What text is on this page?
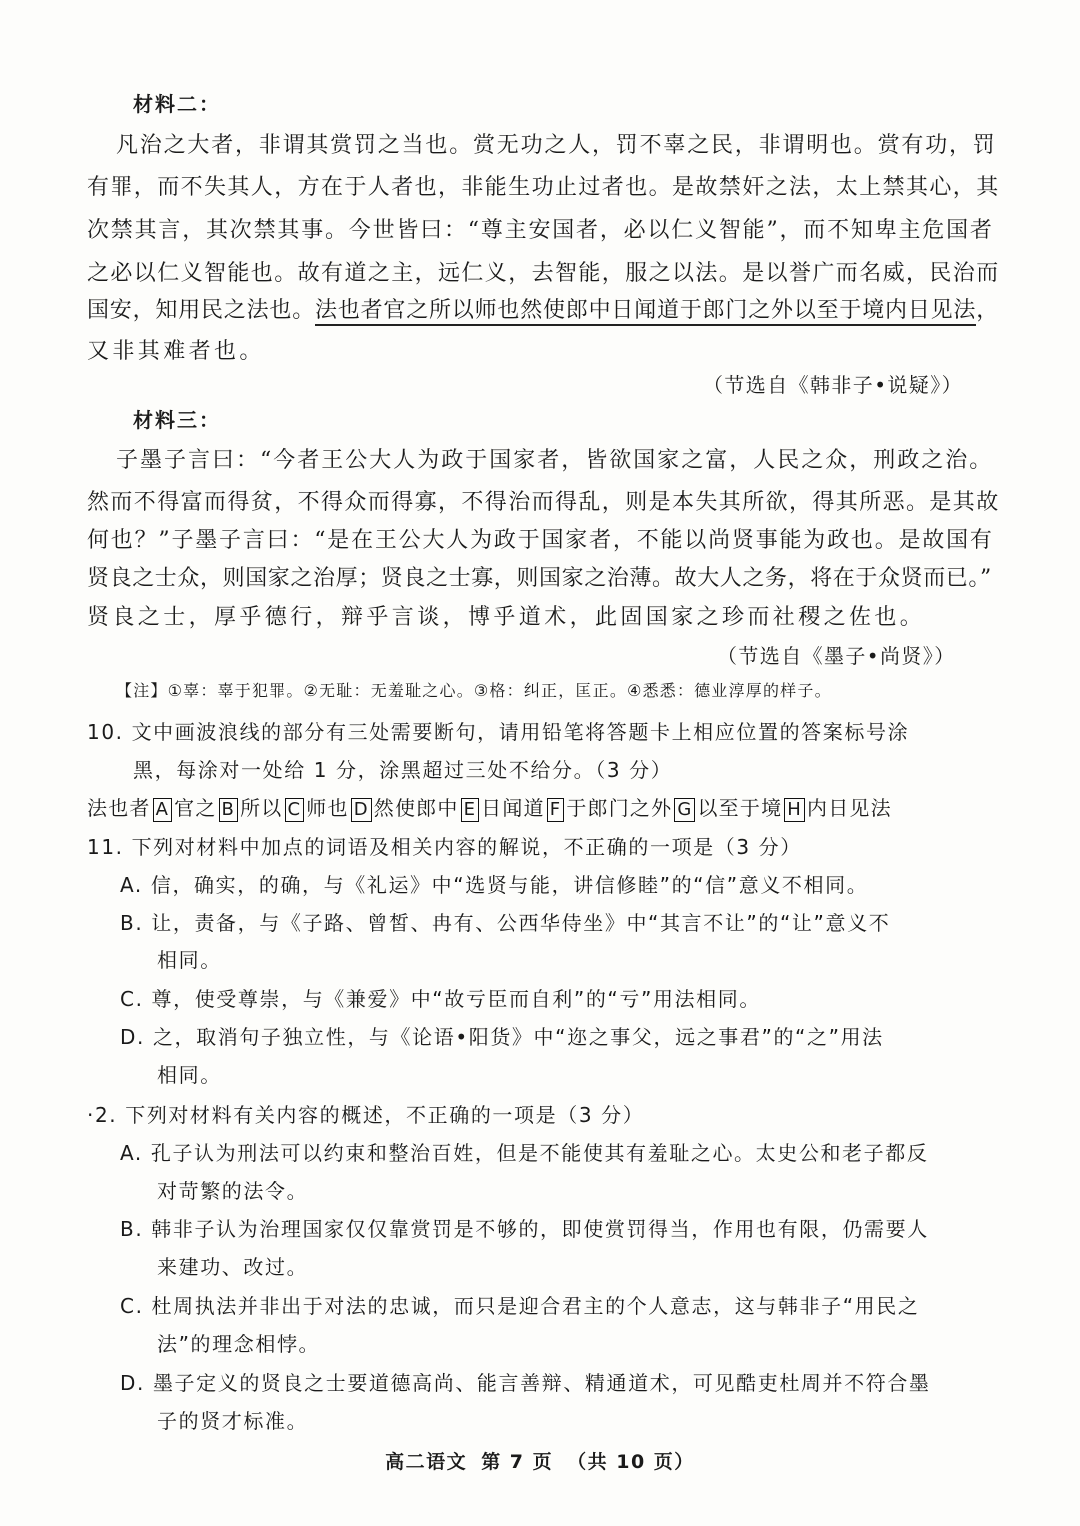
材料二：
凡治之大者，非谓其赏罚之当也。赏无功之人，罚不辜之民，非谓明也。赏有功，罚
有罪，而不失其人，方在于人者也，非能生功止过者也。是故禁奸之法，太上禁其心，其
次禁其言，其次禁其事。今世皆曰：“尊主安国者，必以仁义智能”，而不知卑主危国者
之必以仁义智能也。故有道之主，远仁义，去智能，服之以法。是以誉广而名威，民治而
国安，知用民之法也。法也者官之所以师也然使郎中日闻道于郎门之外以至于境内日见法，
又非其难者也。
（节选自《韩非子•说疑》）
材料三：
子墨子言曰：“今者王公大人为政于国家者，皆欲国家之富，人民之众，刑政之治。
然而不得富而得贫，不得众而得寡，不得治而得乱，则是本失其所欲，得其所恶。是其故
何也？”子墨子言曰：“是在王公大人为政于国家者，不能以尚贤事能为政也。是故国有
贤良之士众，则国家之治厚；贤良之士寡，则国家之治薄。故大人之务，将在于众贤而已。”
贤良之士，厚乎德行，辩乎言谈，博乎道术，此固国家之珍而社稷之佐也。
（节选自《墨子•尚贤》）
【注】①辜：辜于犯罪。②无耻：无羞耻之心。③格：纠正，匡正。④悉悉：德业淳厚的样子。
10. 文中画波浪线的部分有三处需要断句，请用铅笔将答题卡上相应位置的答案标号涂
黑，每涂对一处给 1 分，涂黑超过三处不给分。（3 分）
法也者 A 官之 B 所以 C 师也 D 然使郎中 E 日闻道 F 于郎门之外 G 以至于境 H 内日见法
11. 下列对材料中加点的词语及相关内容的解说，不正确的一项是（3 分）
A. 信，确实，的确，与《礼运》中“选贤与能，讲信修睦”的“信”意义不相同。
B. 让，责备，与《子路、曾皙、冉有、公西华侍坐》中“其言不让”的“让”意义不
相同。
C. 尊，使受尊崇，与《兼爱》中“故亏臣而自利”的“亏”用法相同。
D. 之，取消句子独立性，与《论语•阳货》中“迩之事父，远之事君”的“之”用法
相同。
·2. 下列对材料有关内容的概述，不正确的一项是（3 分）
A. 孔子认为刑法可以约束和整治百姓，但是不能使其有羞耻之心。太史公和老子都反
对苛繁的法令。
B. 韩非子认为治理国家仅仅靠赏罚是不够的，即使赏罚得当，作用也有限，仍需要人
来建功、改过。
C. 杜周执法并非出于对法的忠诚，而只是迎合君主的个人意志，这与韩非子“用民之
法”的理念相悖。
D. 墨子定义的贤良之士要道德高尚、能言善辩、精通道术，可见酷吏杜周并不符合墨
子的贤才标准。
高二语文 第 7 页 （共 10 页）
